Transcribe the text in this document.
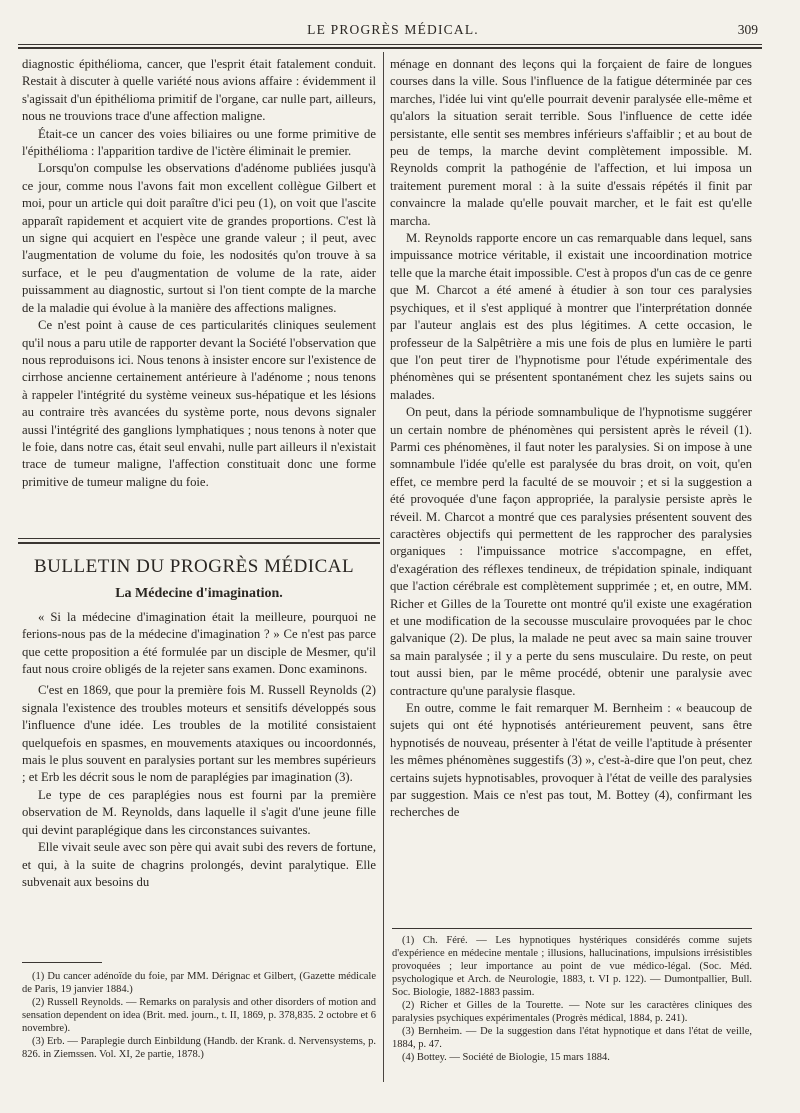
LE PROGRÈS MÉDICAL.	309

diagnostic épithélioma, cancer, que l'esprit était fatalement conduit. Restait à discuter à quelle variété nous avions affaire : évidemment il s'agissait d'un épithélioma primitif de l'organe, car nulle part, ailleurs, nous ne trouvions trace d'une affection maligne.

Était-ce un cancer des voies biliaires ou une forme primitive de l'épithélioma : l'apparition tardive de l'ictère éliminait le premier.

Lorsqu'on compulse les observations d'adénome publiées jusqu'à ce jour, comme nous l'avons fait mon excellent collègue Gilbert et moi, pour un article qui doit paraître d'ici peu (1), on voit que l'ascite apparaît rapidement et acquiert vite de grandes proportions. C'est là un signe qui acquiert en l'espèce une grande valeur ; il peut, avec l'augmentation de volume du foie, les nodosités qu'on trouve à sa surface, et le peu d'augmentation de volume de la rate, aider puissamment au diagnostic, surtout si l'on tient compte de la marche de la maladie qui évolue à la manière des affections malignes.

Ce n'est point à cause de ces particularités cliniques seulement qu'il nous a paru utile de rapporter devant la Société l'observation que nous reproduisons ici. Nous tenons à insister encore sur l'existence de cirrhose ancienne certainement antérieure à l'adénome ; nous tenons à rappeler l'intégrité du système veineux sus-hépatique et les lésions au contraire très avancées du système porte, nous devons signaler aussi l'intégrité des ganglions lymphatiques ; nous tenons à noter que le foie, dans notre cas, était seul envahi, nulle part ailleurs il n'existait trace de tumeur maligne, l'affection constituait donc une forme primitive de tumeur maligne du foie.

BULLETIN DU PROGRÈS MÉDICAL
La Médecine d'imagination.

« Si la médecine d'imagination était la meilleure, pourquoi ne ferions-nous pas de la médecine d'imagination ? » Ce n'est pas parce que cette proposition a été formulée par un disciple de Mesmer, qu'il faut nous croire obligés de la rejeter sans examen. Donc examinons.

C'est en 1869, que pour la première fois M. Russell Reynolds (2) signala l'existence des troubles moteurs et sensitifs développés sous l'influence d'une idée. Les troubles de la motilité consistaient quelquefois en spasmes, en mouvements ataxiques ou incoordonnés, mais le plus souvent en paralysies portant sur les membres supérieurs ; et Erb les décrit sous le nom de paraplégies par imagination (3).

Le type de ces paraplégies nous est fourni par la première observation de M. Reynolds, dans laquelle il s'agit d'une jeune fille qui devint paraplégique dans les circonstances suivantes.

Elle vivait seule avec son père qui avait subi des revers de fortune, et qui, à la suite de chagrins prolongés, devint paralytique. Elle subvenait aux besoins du

(1) Du cancer adénoïde du foie, par MM. Dérignac et Gilbert, (Gazette médicale de Paris, 19 janvier 1884.)

(2) Russell Reynolds. — Remarks on paralysis and other disorders of motion and sensation dependent on idea (Brit. med. journ., t. II, 1869, p. 378,835. 2 octobre et 6 novembre).

(3) Erb. — Paraplegie durch Einbildung (Handb. der Krank. d. Nervensystems, p. 826. in Ziemssen. Vol. XI, 2e partie, 1878.)

ménage en donnant des leçons qui la forçaient de faire de longues courses dans la ville. Sous l'influence de la fatigue déterminée par ces marches, l'idée lui vint qu'elle pourrait devenir paralysée elle-même et qu'alors la situation serait terrible. Sous l'influence de cette idée persistante, elle sentit ses membres inférieurs s'affaiblir ; et au bout de peu de temps, la marche devint complètement impossible. M. Reynolds comprit la pathogénie de l'affection, et lui imposa un traitement purement moral : à la suite d'essais répétés il finit par convaincre la malade qu'elle pouvait marcher, et le fait est qu'elle marcha.

M. Reynolds rapporte encore un cas remarquable dans lequel, sans impuissance motrice véritable, il existait une incoordination motrice telle que la marche était impossible. C'est à propos d'un cas de ce genre que M. Charcot a été amené à étudier à son tour ces paralysies psychiques, et il s'est appliqué à montrer que l'interprétation donnée par l'auteur anglais est des plus légitimes. A cette occasion, le professeur de la Salpêtrière a mis une fois de plus en lumière le parti que l'on peut tirer de l'hypnotisme pour l'étude expérimentale des phénomènes qui se présentent spontanément chez les sujets sains ou malades.

On peut, dans la période somnambulique de l'hypnotisme suggérer un certain nombre de phénomènes qui persistent après le réveil (1). Parmi ces phénomènes, il faut noter les paralysies. Si on impose à une somnambule l'idée qu'elle est paralysée du bras droit, on voit, qu'en effet, ce membre perd la faculté de se mouvoir ; et si la suggestion a été provoquée d'une façon appropriée, la paralysie persiste après le réveil. M. Charcot a montré que ces paralysies présentent souvent des caractères objectifs qui permettent de les rapprocher des paralysies organiques : l'impuissance motrice s'accompagne, en effet, d'exagération des réflexes tendineux, de trépidation spinale, indiquant que l'action cérébrale est complètement supprimée ; et, en outre, MM. Richer et Gilles de la Tourette ont montré qu'il existe une exagération et une modification de la secousse musculaire provoquées par le choc galvanique (2). De plus, la malade ne peut avec sa main saine trouver sa main paralysée ; il y a perte du sens musculaire. Du reste, on peut tout aussi bien, par le même procédé, obtenir une paralysie avec contracture qu'une paralysie flasque.

En outre, comme le fait remarquer M. Bernheim : « beaucoup de sujets qui ont été hypnotisés antérieurement peuvent, sans être hypnotisés de nouveau, présenter à l'état de veille l'aptitude à présenter les mêmes phénomènes suggestifs (3) », c'est-à-dire que l'on peut, chez certains sujets hypnotisables, provoquer à l'état de veille des paralysies par suggestion. Mais ce n'est pas tout, M. Bottey (4), confirmant les recherches de

(1) Ch. Féré. — Les hypnotiques hystériques considérés comme sujets d'expérience en médecine mentale ; illusions, hallucinations, impulsions irrésistibles provoquées ; leur importance au point de vue médico-légal. (Soc. Méd. psychologique et Arch. de Neurologie, 1883, t. VI p. 122). — Dumontpallier, Bull. Soc. Biologie, 1882-1883 passim.

(2) Richer et Gilles de la Tourette. — Note sur les caractères cliniques des paralysies psychiques expérimentales (Progrès médical, 1884, p. 241).

(3) Bernheim. — De la suggestion dans l'état hypnotique et dans l'état de veille, 1884, p. 47.

(4) Bottey. — Société de Biologie, 15 mars 1884.
